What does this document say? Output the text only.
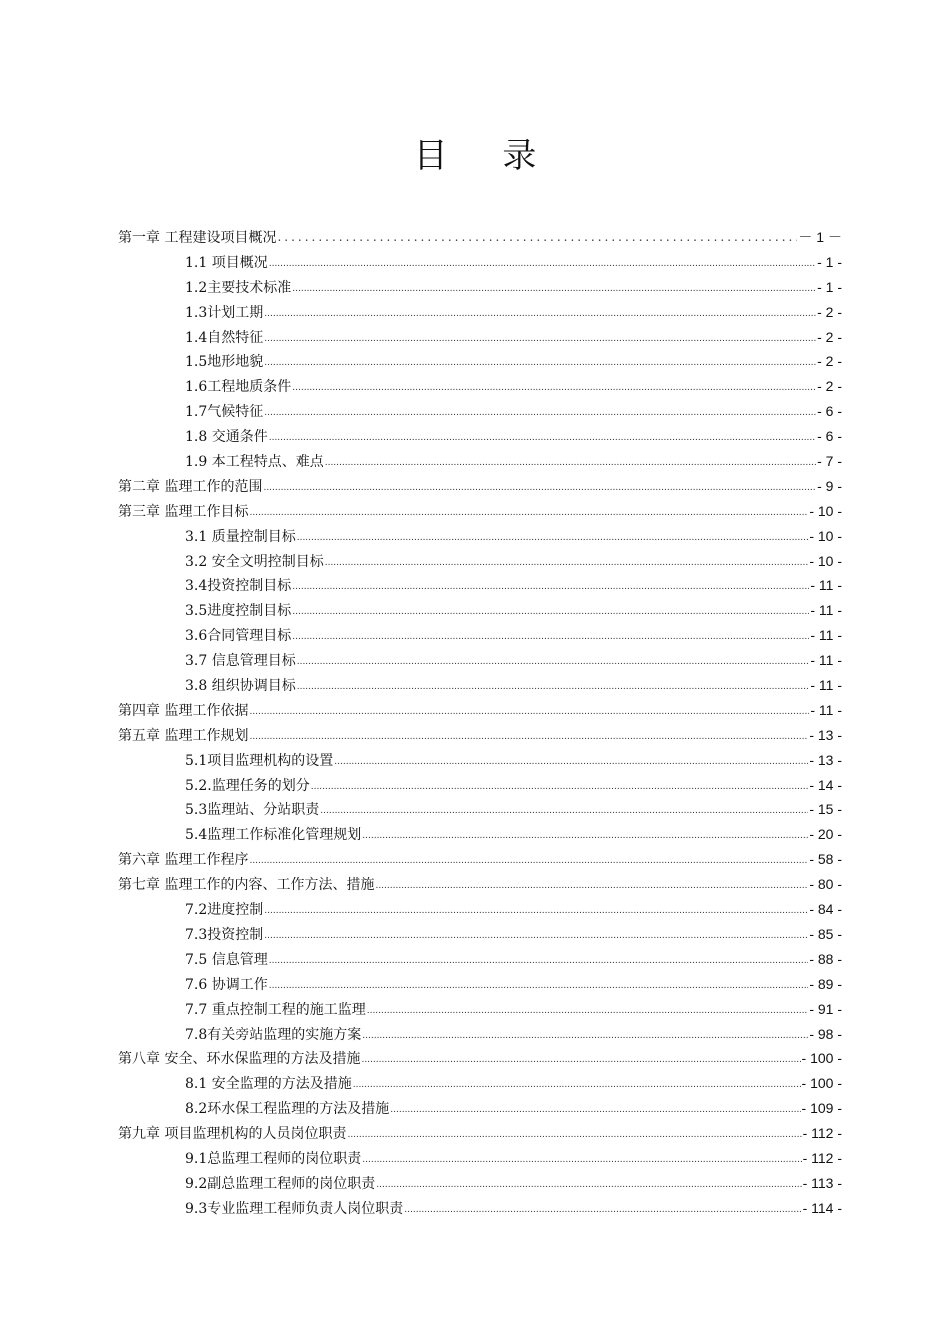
目 录
第一章 工程建设项目概况 .....	－ 1 －
1.1 项目概况 .....	- 1 -
1.2主要技术标准 .....	- 1 -
1.3计划工期 .....	- 2 -
1.4自然特征 .....	- 2 -
1.5地形地貌 .....	- 2 -
1.6工程地质条件 .....	- 2 -
1.7气候特征 .....	- 6 -
1.8 交通条件 .....	- 6 -
1.9 本工程特点、难点 .....	- 7 -
第二章 监理工作的范围 .....	- 9 -
第三章 监理工作目标 .....	- 10 -
3.1 质量控制目标 .....	- 10 -
3.2 安全文明控制目标 .....	- 10 -
3.4投资控制目标 .....	- 11 -
3.5进度控制目标 .....	- 11 -
3.6合同管理目标 .....	- 11 -
3.7 信息管理目标 .....	- 11 -
3.8 组织协调目标 .....	- 11 -
第四章 监理工作依据 .....	- 11 -
第五章 监理工作规划 .....	- 13 -
5.1项目监理机构的设置 .....	- 13 -
5.2.监理任务的划分 .....	- 14 -
5.3监理站、分站职责 .....	- 15 -
5.4监理工作标准化管理规划 .....	- 20 -
第六章 监理工作程序 .....	- 58 -
第七章 监理工作的内容、工作方法、措施 .....	- 80 -
7.2进度控制 .....	- 84 -
7.3投资控制 .....	- 85 -
7.5 信息管理 .....	- 88 -
7.6 协调工作 .....	- 89 -
7.7 重点控制工程的施工监理 .....	- 91 -
7.8有关旁站监理的实施方案 .....	- 98 -
第八章 安全、环水保监理的方法及措施 .....	- 100 -
8.1 安全监理的方法及措施 .....	- 100 -
8.2环水保工程监理的方法及措施 .....	- 109 -
第九章 项目监理机构的人员岗位职责 .....	- 112 -
9.1总监理工程师的岗位职责 .....	- 112 -
9.2副总监理工程师的岗位职责 .....	- 113 -
9.3专业监理工程师负责人岗位职责 .....	- 114 -
